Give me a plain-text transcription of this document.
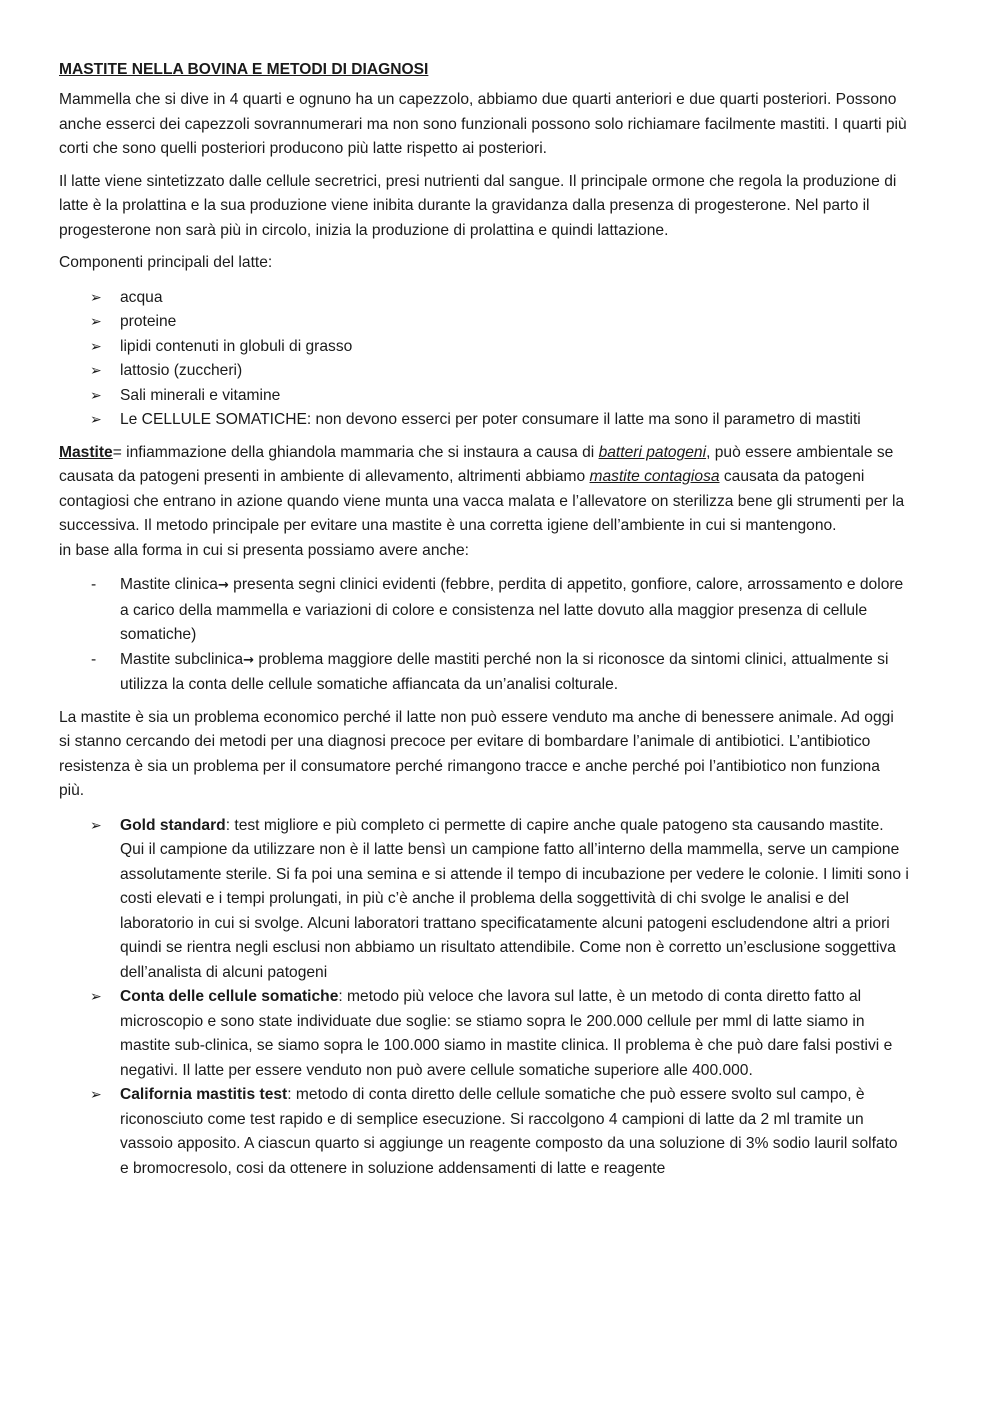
MASTITE NELLA BOVINA E METODI DI DIAGNOSI

Mammella che si dive in 4 quarti e ognuno ha un capezzolo, abbiamo due quarti anteriori e due quarti posteriori. Possono anche esserci dei capezzoli sovrannumerari ma non sono funzionali possono solo richiamare facilmente mastiti. I quarti più corti che sono quelli posteriori producono più latte rispetto ai posteriori.

Il latte viene sintetizzato dalle cellule secretrici, presi nutrienti dal sangue. Il principale ormone che regola la produzione di latte è la prolattina e la sua produzione viene inibita durante la gravidanza dalla presenza di progesterone. Nel parto il progesterone non sarà più in circolo, inizia la produzione di prolattina e quindi lattazione.

Componenti principali del latte:

➢	acqua
➢	proteine
➢	lipidi contenuti in globuli di grasso
➢	lattosio (zuccheri)
➢	Sali minerali e vitamine
➢	Le CELLULE SOMATICHE: non devono esserci per poter consumare il latte ma sono il parametro di mastiti

Mastite= infiammazione della ghiandola mammaria che si instaura a causa di batteri patogeni, può essere ambientale se causata da patogeni presenti in ambiente di allevamento, altrimenti abbiamo mastite contagiosa causata da patogeni contagiosi che entrano in azione quando viene munta una vacca malata e l’allevatore on sterilizza bene gli strumenti per la successiva. Il metodo principale per evitare una mastite è una corretta igiene dell’ambiente in cui si mantengono.

in base alla forma in cui si presenta possiamo avere anche:

-	Mastite clinica→ presenta segni clinici evidenti (febbre, perdita di appetito, gonfiore, calore, arrossamento e dolore a carico della mammella e variazioni di colore e consistenza nel latte dovuto alla maggior presenza di cellule somatiche)
-	Mastite subclinica→ problema maggiore delle mastiti perché non la si riconosce da sintomi clinici, attualmente si utilizza la conta delle cellule somatiche affiancata da un’analisi colturale.

La mastite è sia un problema economico perché il latte non può essere venduto ma anche di benessere animale. Ad oggi si stanno cercando dei metodi per una diagnosi precoce per evitare di bombardare l’animale di antibiotici. L’antibiotico resistenza è sia un problema per il consumatore perché rimangono tracce e anche perché poi l’antibiotico non funziona più.

➢	Gold standard: test migliore e più completo ci permette di capire anche quale patogeno sta causando mastite. Qui il campione da utilizzare non è il latte bensì un campione fatto all’interno della mammella, serve un campione assolutamente sterile. Si fa poi una semina e si attende il tempo di incubazione per vedere le colonie. I limiti sono i costi elevati e i tempi prolungati, in più c’è anche il problema della soggettività di chi svolge le analisi e del laboratorio in cui si svolge. Alcuni laboratori trattano specificatamente alcuni patogeni escludendone altri a priori quindi se rientra negli esclusi non abbiamo un risultato attendibile. Come non è corretto un’esclusione soggettiva dell’analista di alcuni patogeni
➢	Conta delle cellule somatiche: metodo più veloce che lavora sul latte, è un metodo di conta diretto fatto al microscopio e sono state individuate due soglie: se stiamo sopra le 200.000 cellule per mml di latte siamo in mastite sub-clinica, se siamo sopra le 100.000 siamo in mastite clinica. Il problema è che può dare falsi postivi e negativi. Il latte per essere venduto non può avere cellule somatiche superiore alle 400.000.
➢	California mastitis test: metodo di conta diretto delle cellule somatiche che può essere svolto sul campo, è riconosciuto come test rapido e di semplice esecuzione. Si raccolgono 4 campioni di latte da 2 ml tramite un vassoio apposito. A ciascun quarto si aggiunge un reagente composto da una soluzione di 3% sodio lauril solfato e bromocresolo, cosi da ottenere in soluzione addensamenti di latte e reagente
